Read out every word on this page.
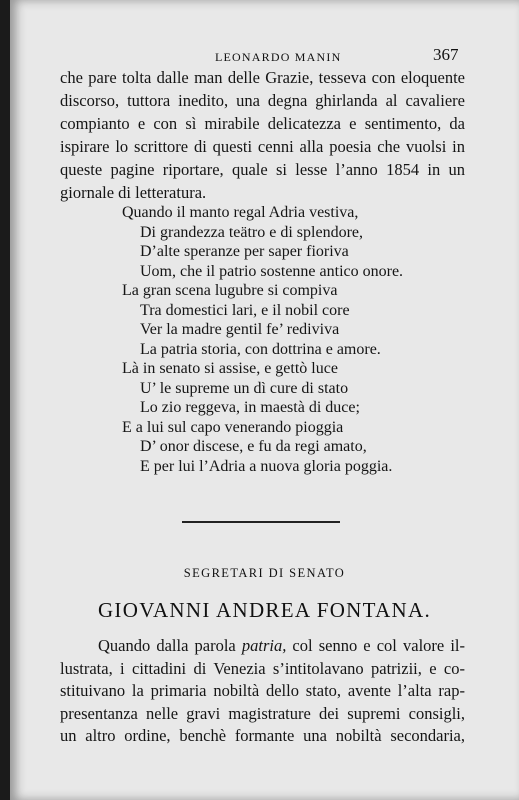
LEONARDO MANIN	367
che pare tolta dalle man delle Grazie, tesseva con eloquente
discorso, tuttora inedito, una degna ghirlanda al cavaliere
compianto e con sì mirabile delicatezza e sentimento, da
ispirare lo scrittore di questi cenni alla poesia che vuolsi in
queste pagine riportare, quale si lesse l’anno 1854 in un
giornale di letteratura.
Quando il manto regal Adria vestiva,
Di grandezza teätro e di splendore,
D’alte speranze per saper fioriva
Uom, che il patrio sostenne antico onore.
La gran scena lugubre si compiva
Tra domestici lari, e il nobil core
Ver la madre gentil fe’ rediviva
La patria storia, con dottrina e amore.
Là in senato si assise, e gettò luce
U’ le supreme un dì cure di stato
Lo zio reggeva, in maestà di duce;
E a lui sul capo venerando pioggia
D’ onor discese, e fu da regi amato,
E per lui l’Adria a nuova gloria poggia.
SEGRETARI DI SENATO
GIOVANNI ANDREA FONTANA.
Quando dalla parola patria, col senno e col valore il-
lustrata, i cittadini di Venezia s’intitolavano patrizii, e co-
stituivano la primaria nobiltà dello stato, avente l’alta rap-
presentanza nelle gravi magistrature dei supremi consigli,
un altro ordine, benchè formante una nobiltà secondaria,
